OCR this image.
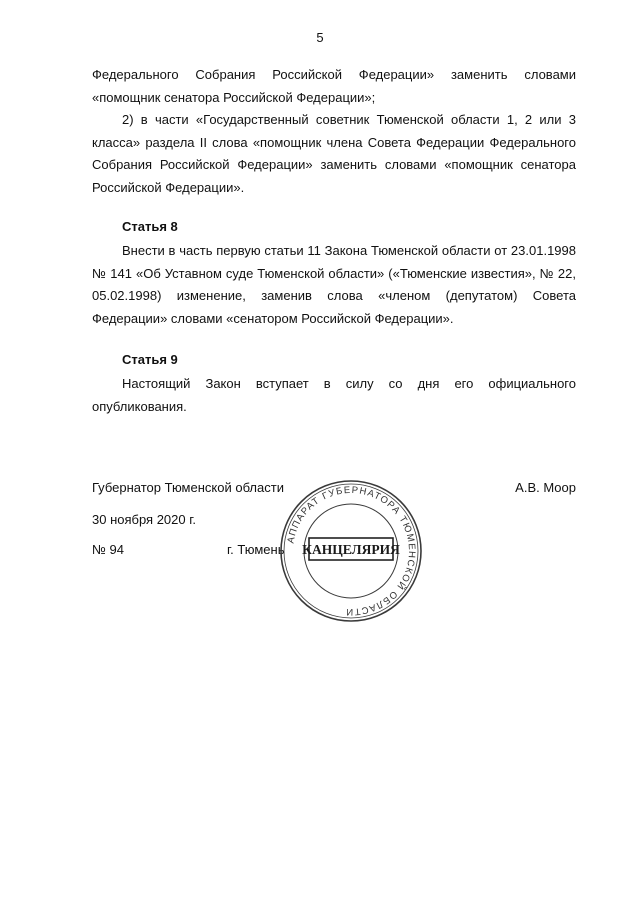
5

Федерального Собрания Российской Федерации» заменить словами «помощник сенатора Российской Федерации»;

2) в части «Государственный советник Тюменской области 1, 2 или 3 класса» раздела II слова «помощник члена Совета Федерации Федерального Собрания Российской Федерации» заменить словами «помощник сенатора Российской Федерации».

Статья 8

Внести в часть первую статьи 11 Закона Тюменской области от 23.01.1998 № 141 «Об Уставном суде Тюменской области» («Тюменские известия», № 22, 05.02.1998) изменение, заменив слова «членом (депутатом) Совета Федерации» словами «сенатором Российской Федерации».

Статья 9

Настоящий Закон вступает в силу со дня его официального опубликования.

Губернатор Тюменской области	А.В. Моор
30 ноября 2020 г.
№ 94	г. Тюмень
АППАРАТ ГУБЕРНАТОРА ТЮМЕНСКОЙ ОБЛАСТИ
КАНЦЕЛЯРИЯ
